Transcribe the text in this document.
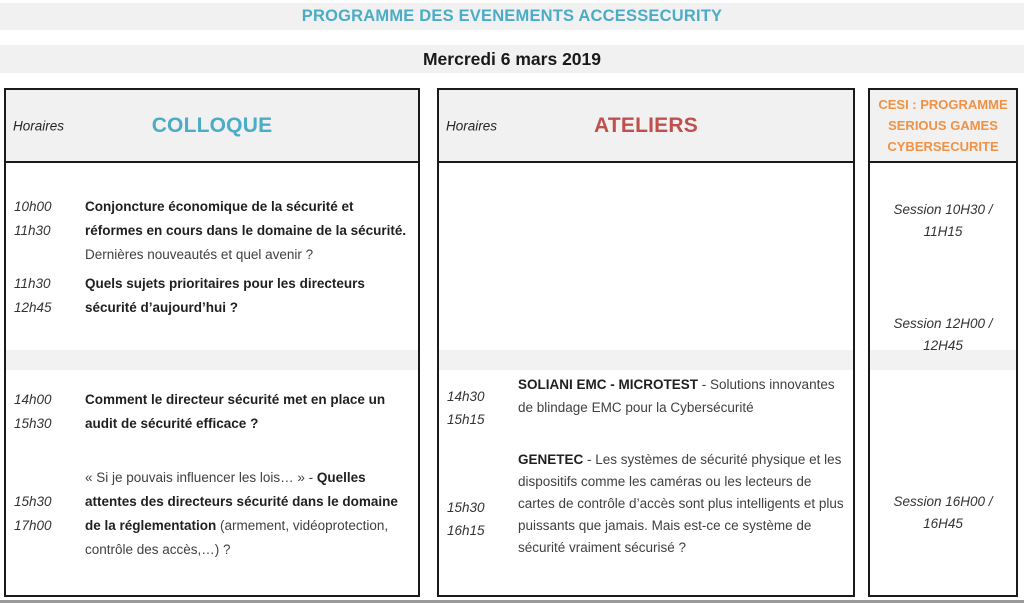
PROGRAMME DES EVENEMENTS ACCESSECURITY
Mercredi 6 mars 2019
Horaires	COLLOQUE
10h00
11h30

Conjoncture économique de la sécurité et réformes en cours dans le domaine de la sécurité. Dernières nouveautés et quel avenir ?

11h30
12h45

Quels sujets prioritaires pour les directeurs sécurité d’aujourd’hui ?

14h00
15h30

Comment le directeur sécurité met en place un audit de sécurité efficace ?

15h30
17h00

« Si je pouvais influencer les lois… » - Quelles attentes des directeurs sécurité dans le domaine de la réglementation (armement, vidéoprotection, contrôle des accès,…) ?

Horaires	ATELIERS
14h30
15h15

SOLIANI EMC - MICROTEST - Solutions innovantes de blindage EMC pour la Cybersécurité

15h30
16h15

GENETEC - Les systèmes de sécurité physique et les dispositifs comme les caméras ou les lecteurs de cartes de contrôle d’accès sont plus intelligents et plus puissants que jamais. Mais est-ce ce système de sécurité vraiment sécurisé ?

CESI : PROGRAMME
SERIOUS GAMES
CYBERSECURITE
Session 10H30 /
11H15
Session 12H00 /
12H45
Session 16H00 /
16H45
